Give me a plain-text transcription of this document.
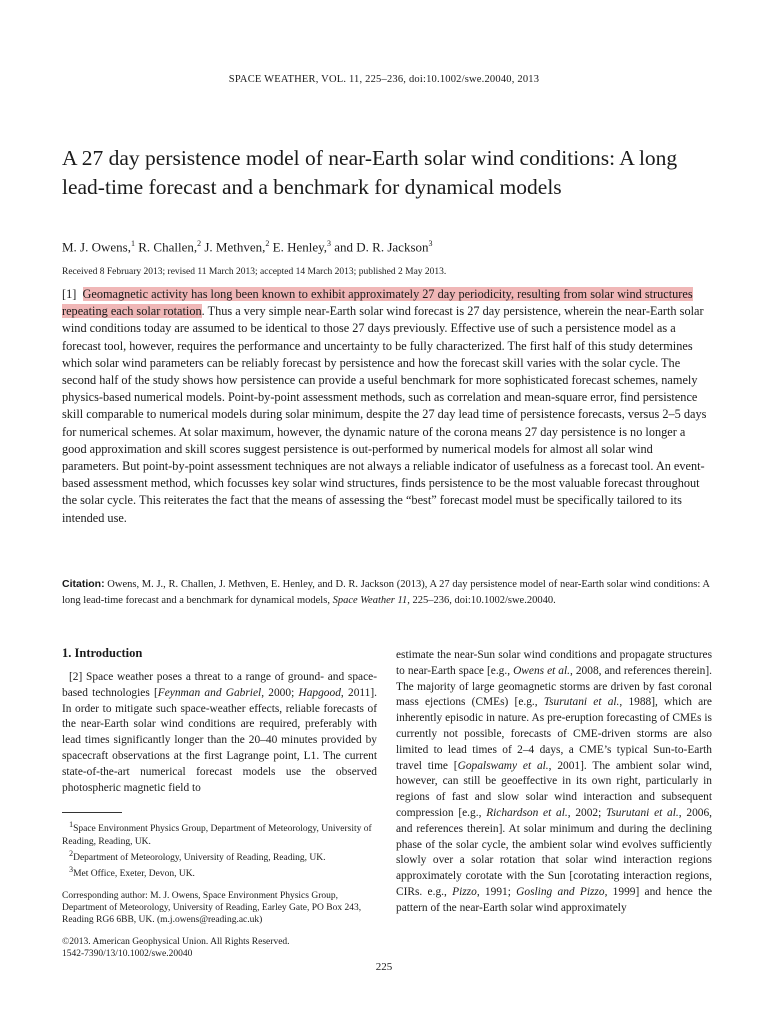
SPACE WEATHER, VOL. 11, 225–236, doi:10.1002/swe.20040, 2013
A 27 day persistence model of near-Earth solar wind conditions: A long lead-time forecast and a benchmark for dynamical models
M. J. Owens,$^1$ R. Challen,$^2$ J. Methven,$^2$ E. Henley,$^3$ and D. R. Jackson$^3$
Received 8 February 2013; revised 11 March 2013; accepted 14 March 2013; published 2 May 2013.

[1] Geomagnetic activity has long been known to exhibit approximately 27 day periodicity, resulting from solar wind structures repeating each solar rotation. Thus a very simple near-Earth solar wind forecast is 27 day persistence, wherein the near-Earth solar wind conditions today are assumed to be identical to those 27 days previously. Effective use of such a persistence model as a forecast tool, however, requires the performance and uncertainty to be fully characterized. The first half of this study determines which solar wind parameters can be reliably forecast by persistence and how the forecast skill varies with the solar cycle. The second half of the study shows how persistence can provide a useful benchmark for more sophisticated forecast schemes, namely physics-based numerical models. Point-by-point assessment methods, such as correlation and mean-square error, find persistence skill comparable to numerical models during solar minimum, despite the 27 day lead time of persistence forecasts, versus 2–5 days for numerical schemes. At solar maximum, however, the dynamic nature of the corona means 27 day persistence is no longer a good approximation and skill scores suggest persistence is out-performed by numerical models for almost all solar wind parameters. But point-by-point assessment techniques are not always a reliable indicator of usefulness as a forecast tool. An event-based assessment method, which focusses key solar wind structures, finds persistence to be the most valuable forecast throughout the solar cycle. This reiterates the fact that the means of assessing the “best” forecast model must be specifically tailored to its intended use.

Citation: Owens, M. J., R. Challen, J. Methven, E. Henley, and D. R. Jackson (2013), A 27 day persistence model of near-Earth solar wind conditions: A long lead-time forecast and a benchmark for dynamical models, Space Weather 11, 225–236, doi:10.1002/swe.20040.
1. Introduction

[2] Space weather poses a threat to a range of ground- and space-based technologies [Feynman and Gabriel, 2000; Hapgood, 2011]. In order to mitigate such space-weather effects, reliable forecasts of the near-Earth solar wind conditions are required, preferably with lead times significantly longer than the 20–40 minutes provided by spacecraft observations at the first Lagrange point, L1. The current state-of-the-art numerical forecast models use the observed photospheric magnetic field to

$^1$Space Environment Physics Group, Department of Meteorology, University of Reading, Reading, UK.

$^2$Department of Meteorology, University of Reading, Reading, UK.

$^3$Met Office, Exeter, Devon, UK.

Corresponding author: M. J. Owens, Space Environment Physics Group, Department of Meteorology, University of Reading, Earley Gate, PO Box 243, Reading RG6 6BB, UK. (m.j.owens@reading.ac.uk)

©2013. American Geophysical Union. All Rights Reserved.

1542-7390/13/10.1002/swe.20040

estimate the near-Sun solar wind conditions and propagate structures to near-Earth space [e.g., Owens et al., 2008, and references therein]. The majority of large geomagnetic storms are driven by fast coronal mass ejections (CMEs) [e.g., Tsurutani et al., 1988], which are inherently episodic in nature. As pre-eruption forecasting of CMEs is currently not possible, forecasts of CME-driven storms are also limited to lead times of 2–4 days, a CME’s typical Sun-to-Earth travel time [Gopalswamy et al., 2001]. The ambient solar wind, however, can still be geoeffective in its own right, particularly in regions of fast and slow solar wind interaction and subsequent compression [e.g., Richardson et al., 2002; Tsurutani et al., 2006, and references therein]. At solar minimum and during the declining phase of the solar cycle, the ambient solar wind evolves sufficiently slowly over a solar rotation that solar wind interaction regions approximately corotate with the Sun [corotating interaction regions, CIRs. e.g., Pizzo, 1991; Gosling and Pizzo, 1999] and hence the pattern of the near-Earth solar wind approximately

225
